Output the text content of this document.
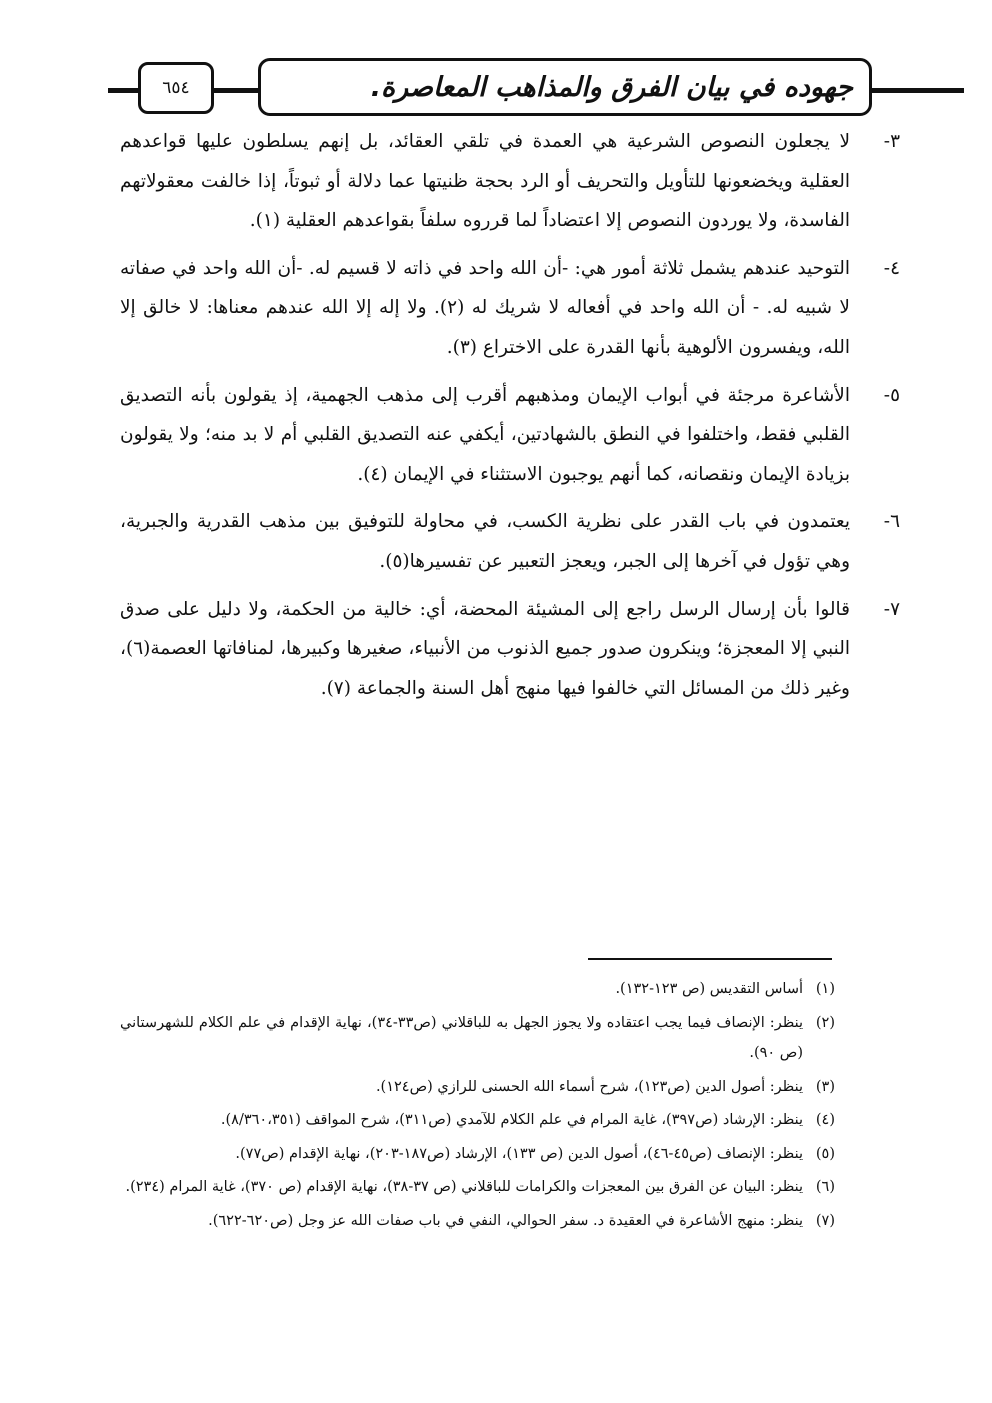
٦٥٤	جهوده في بيان الفرق والمذاهب المعاصرة.
٣-
لا يجعلون النصوص الشرعية هي العمدة في تلقي العقائد، بل إنهم يسلطون عليها قواعدهم العقلية ويخضعونها للتأويل والتحريف أو الرد بحجة ظنيتها عما دلالة أو ثبوتاً، إذا خالفت معقولاتهم الفاسدة، ولا يوردون النصوص إلا اعتضاداً لما قرروه سلفاً بقواعدهم العقلية (١).
٤-
التوحيد عندهم يشمل ثلاثة أمور هي: -أن الله واحد في ذاته لا قسيم له. -أن الله واحد في صفاته لا شبيه له. - أن الله واحد في أفعاله لا شريك له (٢). ولا إله إلا الله عندهم معناها: لا خالق إلا الله، ويفسرون الألوهية بأنها القدرة على الاختراع (٣).
٥-
الأشاعرة مرجئة في أبواب الإيمان ومذهبهم أقرب إلى مذهب الجهمية، إذ يقولون بأنه التصديق القلبي فقط، واختلفوا في النطق بالشهادتين، أيكفي عنه التصديق القلبي أم لا بد منه؛ ولا يقولون بزيادة الإيمان ونقصانه، كما أنهم يوجبون الاستثناء في الإيمان (٤).
٦-
يعتمدون في باب القدر على نظرية الكسب، في محاولة للتوفيق بين مذهب القدرية والجبرية، وهي تؤول في آخرها إلى الجبر، ويعجز التعبير عن تفسيرها(٥).
٧-
قالوا بأن إرسال الرسل راجع إلى المشيئة المحضة، أي: خالية من الحكمة، ولا دليل على صدق النبي إلا المعجزة؛ وينكرون صدور جميع الذنوب من الأنبياء، صغيرها وكبيرها، لمنافاتها العصمة(٦)، وغير ذلك من المسائل التي خالفوا فيها منهج أهل السنة والجماعة (٧).
(١)
أساس التقديس (ص ١٢٣-١٣٢).
(٢)
ينظر: الإنصاف فيما يجب اعتقاده ولا يجوز الجهل به للباقلاني (ص٣٣-٣٤)، نهاية الإقدام في علم الكلام للشهرستاني (ص ٩٠).
(٣)
ينظر: أصول الدين (ص١٢٣)، شرح أسماء الله الحسنى للرازي (ص١٢٤).
(٤)
ينظر: الإرشاد (ص٣٩٧)، غاية المرام في علم الكلام للآمدي (ص٣١١)، شرح المواقف (٨/٣٦٠،٣٥١).
(٥)
ينظر: الإنصاف (ص٤٥-٤٦)، أصول الدين (ص ١٣٣)، الإرشاد (ص١٨٧-٢٠٣)، نهاية الإقدام (ص٧٧).
(٦)
ينظر: البيان عن الفرق بين المعجزات والكرامات للباقلاني (ص ٣٧-٣٨)، نهاية الإقدام (ص ٣٧٠)، غاية المرام (٢٣٤).
(٧)
ينظر: منهج الأشاعرة في العقيدة د. سفر الحوالي، النفي في باب صفات الله عز وجل (ص٦٢٠-٦٢٢).
